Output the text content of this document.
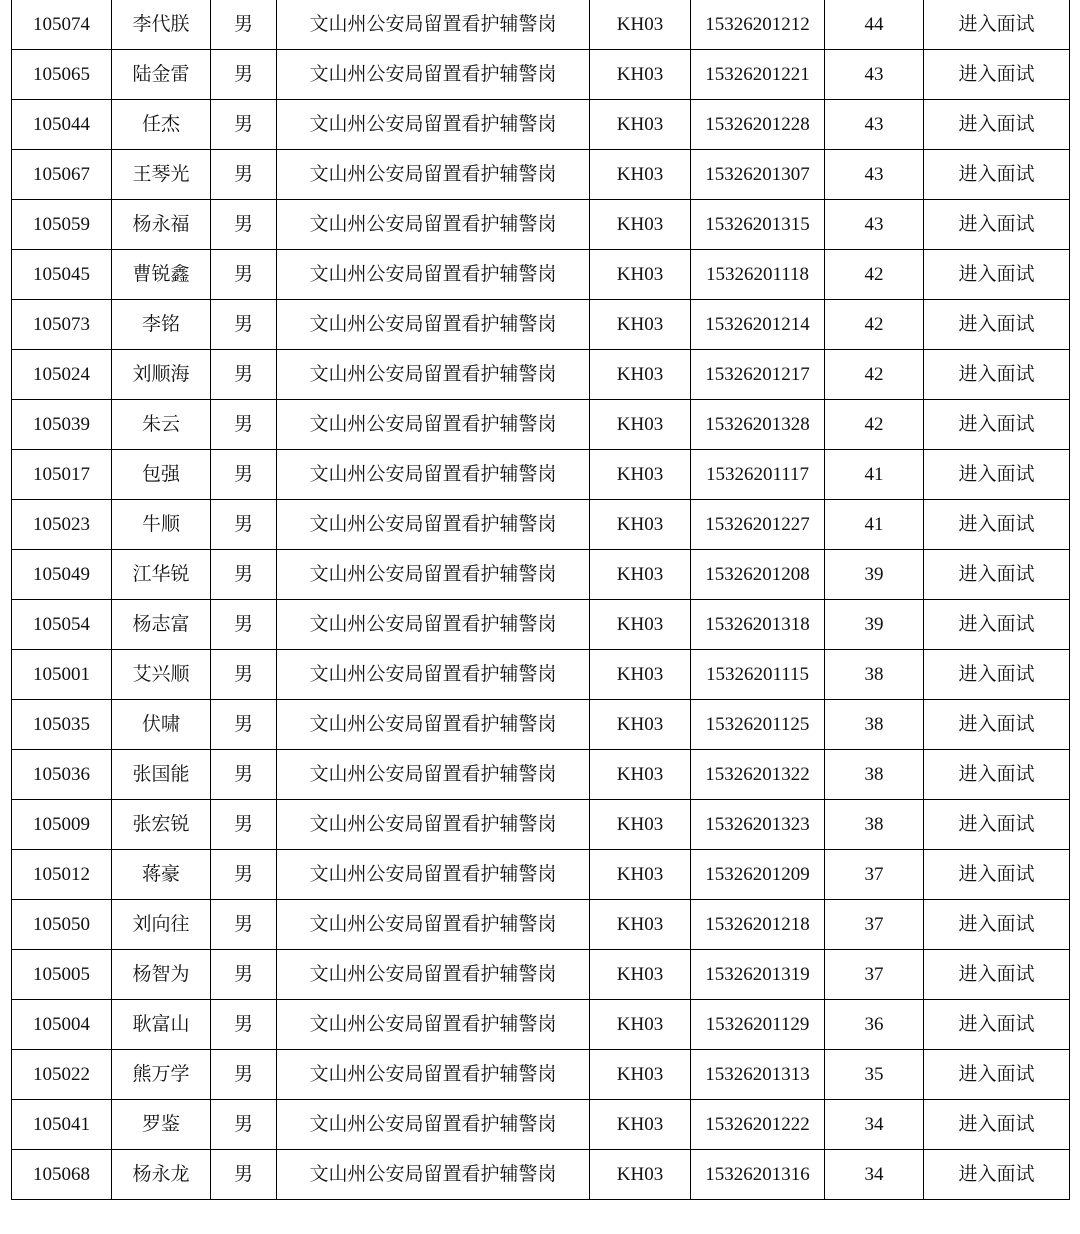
105074	李代朕	男	文山州公安局留置看护辅警岗	KH03	15326201212	44	进入面试
105065	陆金雷	男	文山州公安局留置看护辅警岗	KH03	15326201221	43	进入面试
105044	任杰	男	文山州公安局留置看护辅警岗	KH03	15326201228	43	进入面试
105067	王琴光	男	文山州公安局留置看护辅警岗	KH03	15326201307	43	进入面试
105059	杨永福	男	文山州公安局留置看护辅警岗	KH03	15326201315	43	进入面试
105045	曹锐鑫	男	文山州公安局留置看护辅警岗	KH03	15326201118	42	进入面试
105073	李铭	男	文山州公安局留置看护辅警岗	KH03	15326201214	42	进入面试
105024	刘顺海	男	文山州公安局留置看护辅警岗	KH03	15326201217	42	进入面试
105039	朱云	男	文山州公安局留置看护辅警岗	KH03	15326201328	42	进入面试
105017	包强	男	文山州公安局留置看护辅警岗	KH03	15326201117	41	进入面试
105023	牛顺	男	文山州公安局留置看护辅警岗	KH03	15326201227	41	进入面试
105049	江华锐	男	文山州公安局留置看护辅警岗	KH03	15326201208	39	进入面试
105054	杨志富	男	文山州公安局留置看护辅警岗	KH03	15326201318	39	进入面试
105001	艾兴顺	男	文山州公安局留置看护辅警岗	KH03	15326201115	38	进入面试
105035	伏啸	男	文山州公安局留置看护辅警岗	KH03	15326201125	38	进入面试
105036	张国能	男	文山州公安局留置看护辅警岗	KH03	15326201322	38	进入面试
105009	张宏锐	男	文山州公安局留置看护辅警岗	KH03	15326201323	38	进入面试
105012	蒋豪	男	文山州公安局留置看护辅警岗	KH03	15326201209	37	进入面试
105050	刘向往	男	文山州公安局留置看护辅警岗	KH03	15326201218	37	进入面试
105005	杨智为	男	文山州公安局留置看护辅警岗	KH03	15326201319	37	进入面试
105004	耿富山	男	文山州公安局留置看护辅警岗	KH03	15326201129	36	进入面试
105022	熊万学	男	文山州公安局留置看护辅警岗	KH03	15326201313	35	进入面试
105041	罗鉴	男	文山州公安局留置看护辅警岗	KH03	15326201222	34	进入面试
105068	杨永龙	男	文山州公安局留置看护辅警岗	KH03	15326201316	34	进入面试
